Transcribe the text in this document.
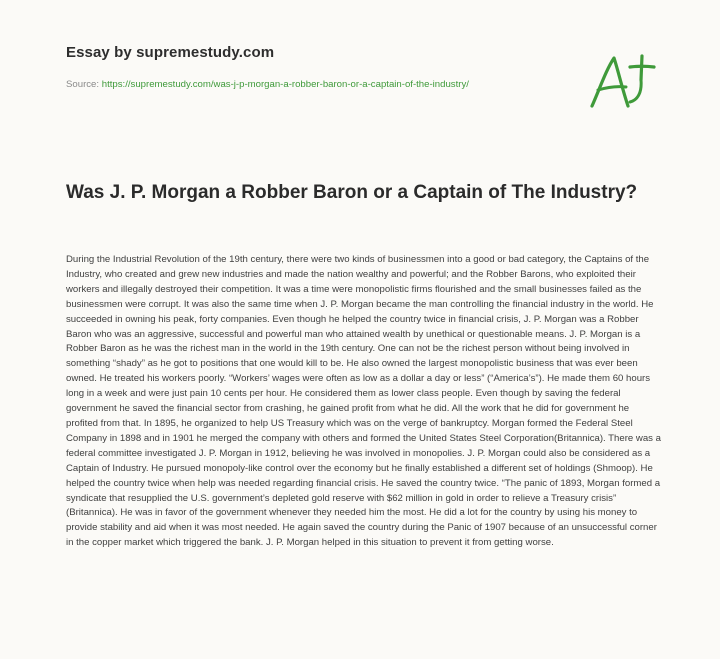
Essay by supremestudy.com
Source: https://supremestudy.com/was-j-p-morgan-a-robber-baron-or-a-captain-of-the-industry/
Was J. P. Morgan a Robber Baron or a Captain of The Industry?
During the Industrial Revolution of the 19th century, there were two kinds of businessmen into a good or bad category, the Captains of the Industry, who created and grew new industries and made the nation wealthy and powerful; and the Robber Barons, who exploited their workers and illegally destroyed their competition. It was a time were monopolistic firms flourished and the small businesses failed as the businessmen were corrupt. It was also the same time when J. P. Morgan became the man controlling the financial industry in the world. He succeeded in owning his peak, forty companies. Even though he helped the country twice in financial crisis, J. P. Morgan was a Robber Baron who was an aggressive, successful and powerful man who attained wealth by unethical or questionable means. J. P. Morgan is a Robber Baron as he was the richest man in the world in the 19th century. One can not be the richest person without being involved in something “shady” as he got to positions that one would kill to be. He also owned the largest monopolistic business that was ever been owned. He treated his workers poorly. “Workers’ wages were often as low as a dollar a day or less” (“America’s”). He made them 60 hours long in a week and were just pain 10 cents per hour. He considered them as lower class people. Even though by saving the federal government he saved the financial sector from crashing, he gained profit from what he did. All the work that he did for government he profited from that. In 1895, he organized to help US Treasury which was on the verge of bankruptcy. Morgan formed the Federal Steel Company in 1898 and in 1901 he merged the company with others and formed the United States Steel Corporation(Britannica). There was a federal committee investigated J. P. Morgan in 1912, believing he was involved in monopolies. J. P. Morgan could also be considered as a Captain of Industry. He pursued monopoly-like control over the economy but he finally established a different set of holdings (Shmoop). He helped the country twice when help was needed regarding financial crisis. He saved the country twice. “The panic of 1893, Morgan formed a syndicate that resupplied the U.S. government’s depleted gold reserve with $62 million in gold in order to relieve a Treasury crisis” (Britannica). He was in favor of the government whenever they needed him the most. He did a lot for the country by using his money to provide stability and aid when it was most needed. He again saved the country during the Panic of 1907 because of an unsuccessful corner in the copper market which triggered the bank. J. P. Morgan helped in this situation to prevent it from getting worse.
